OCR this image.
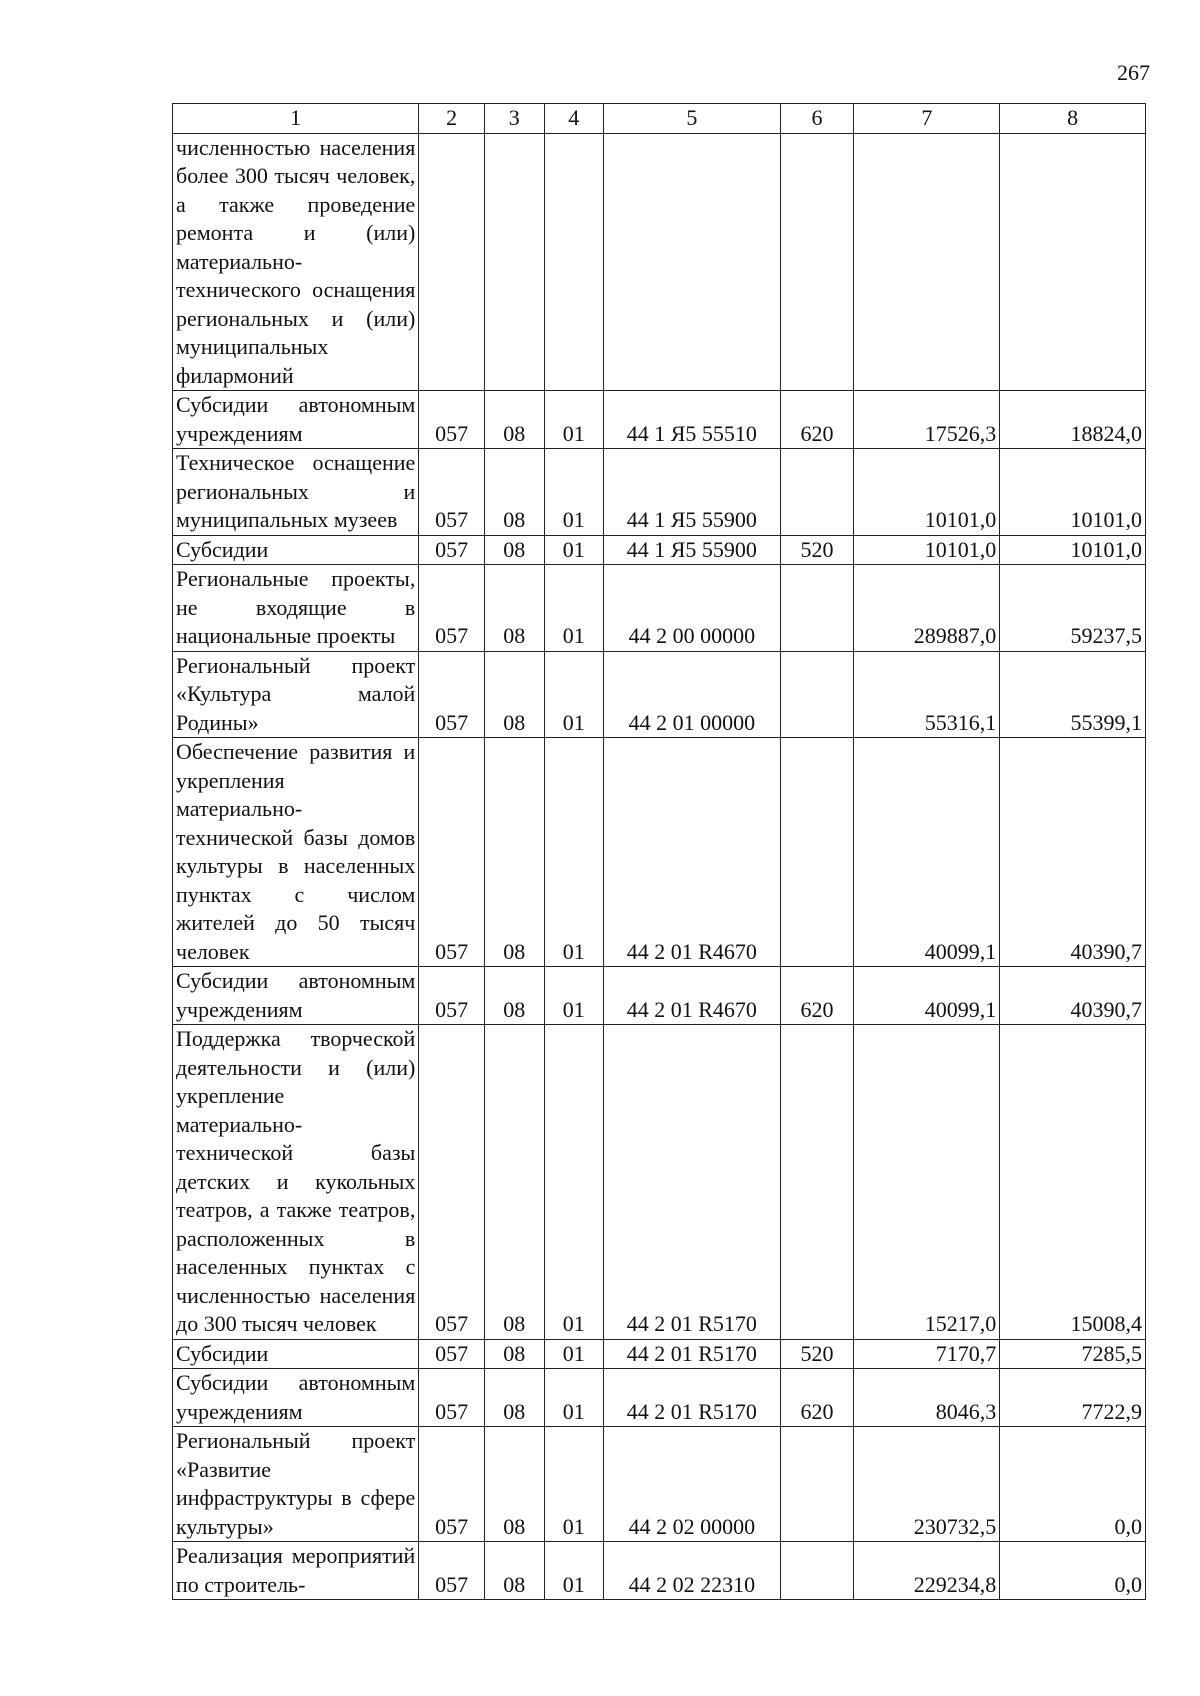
267
1	2	3	4	5	6	7	8
численностью населения более 300 тысяч человек, а также проведение ремонта и (или) материально-технического оснащения региональных и (или) муниципальных филармоний							
Субсидии автономным учреждениям	057	08	01	44 1 Я5 55510	620	17526,3	18824,0
Техническое оснащение региональных и муниципальных музеев	057	08	01	44 1 Я5 55900		10101,0	10101,0
Субсидии	057	08	01	44 1 Я5 55900	520	10101,0	10101,0
Региональные проекты, не входящие в национальные проекты	057	08	01	44 2 00 00000		289887,0	59237,5
Региональный проект «Культура малой Родины»	057	08	01	44 2 01 00000		55316,1	55399,1
Обеспечение развития и укрепления материально-технической базы домов культуры в населенных пунктах с числом жителей до 50 тысяч человек	057	08	01	44 2 01 R4670		40099,1	40390,7
Субсидии автономным учреждениям	057	08	01	44 2 01 R4670	620	40099,1	40390,7
Поддержка творческой деятельности и (или) укрепление материально-технической базы детских и кукольных театров, а также театров, расположенных в населенных пунктах с численностью населения до 300 тысяч человек	057	08	01	44 2 01 R5170		15217,0	15008,4
Субсидии	057	08	01	44 2 01 R5170	520	7170,7	7285,5
Субсидии автономным учреждениям	057	08	01	44 2 01 R5170	620	8046,3	7722,9
Региональный проект «Развитие инфраструктуры в сфере культуры»	057	08	01	44 2 02 00000		230732,5	0,0
Реализация мероприятий по строитель-	057	08	01	44 2 02 22310		229234,8	0,0
